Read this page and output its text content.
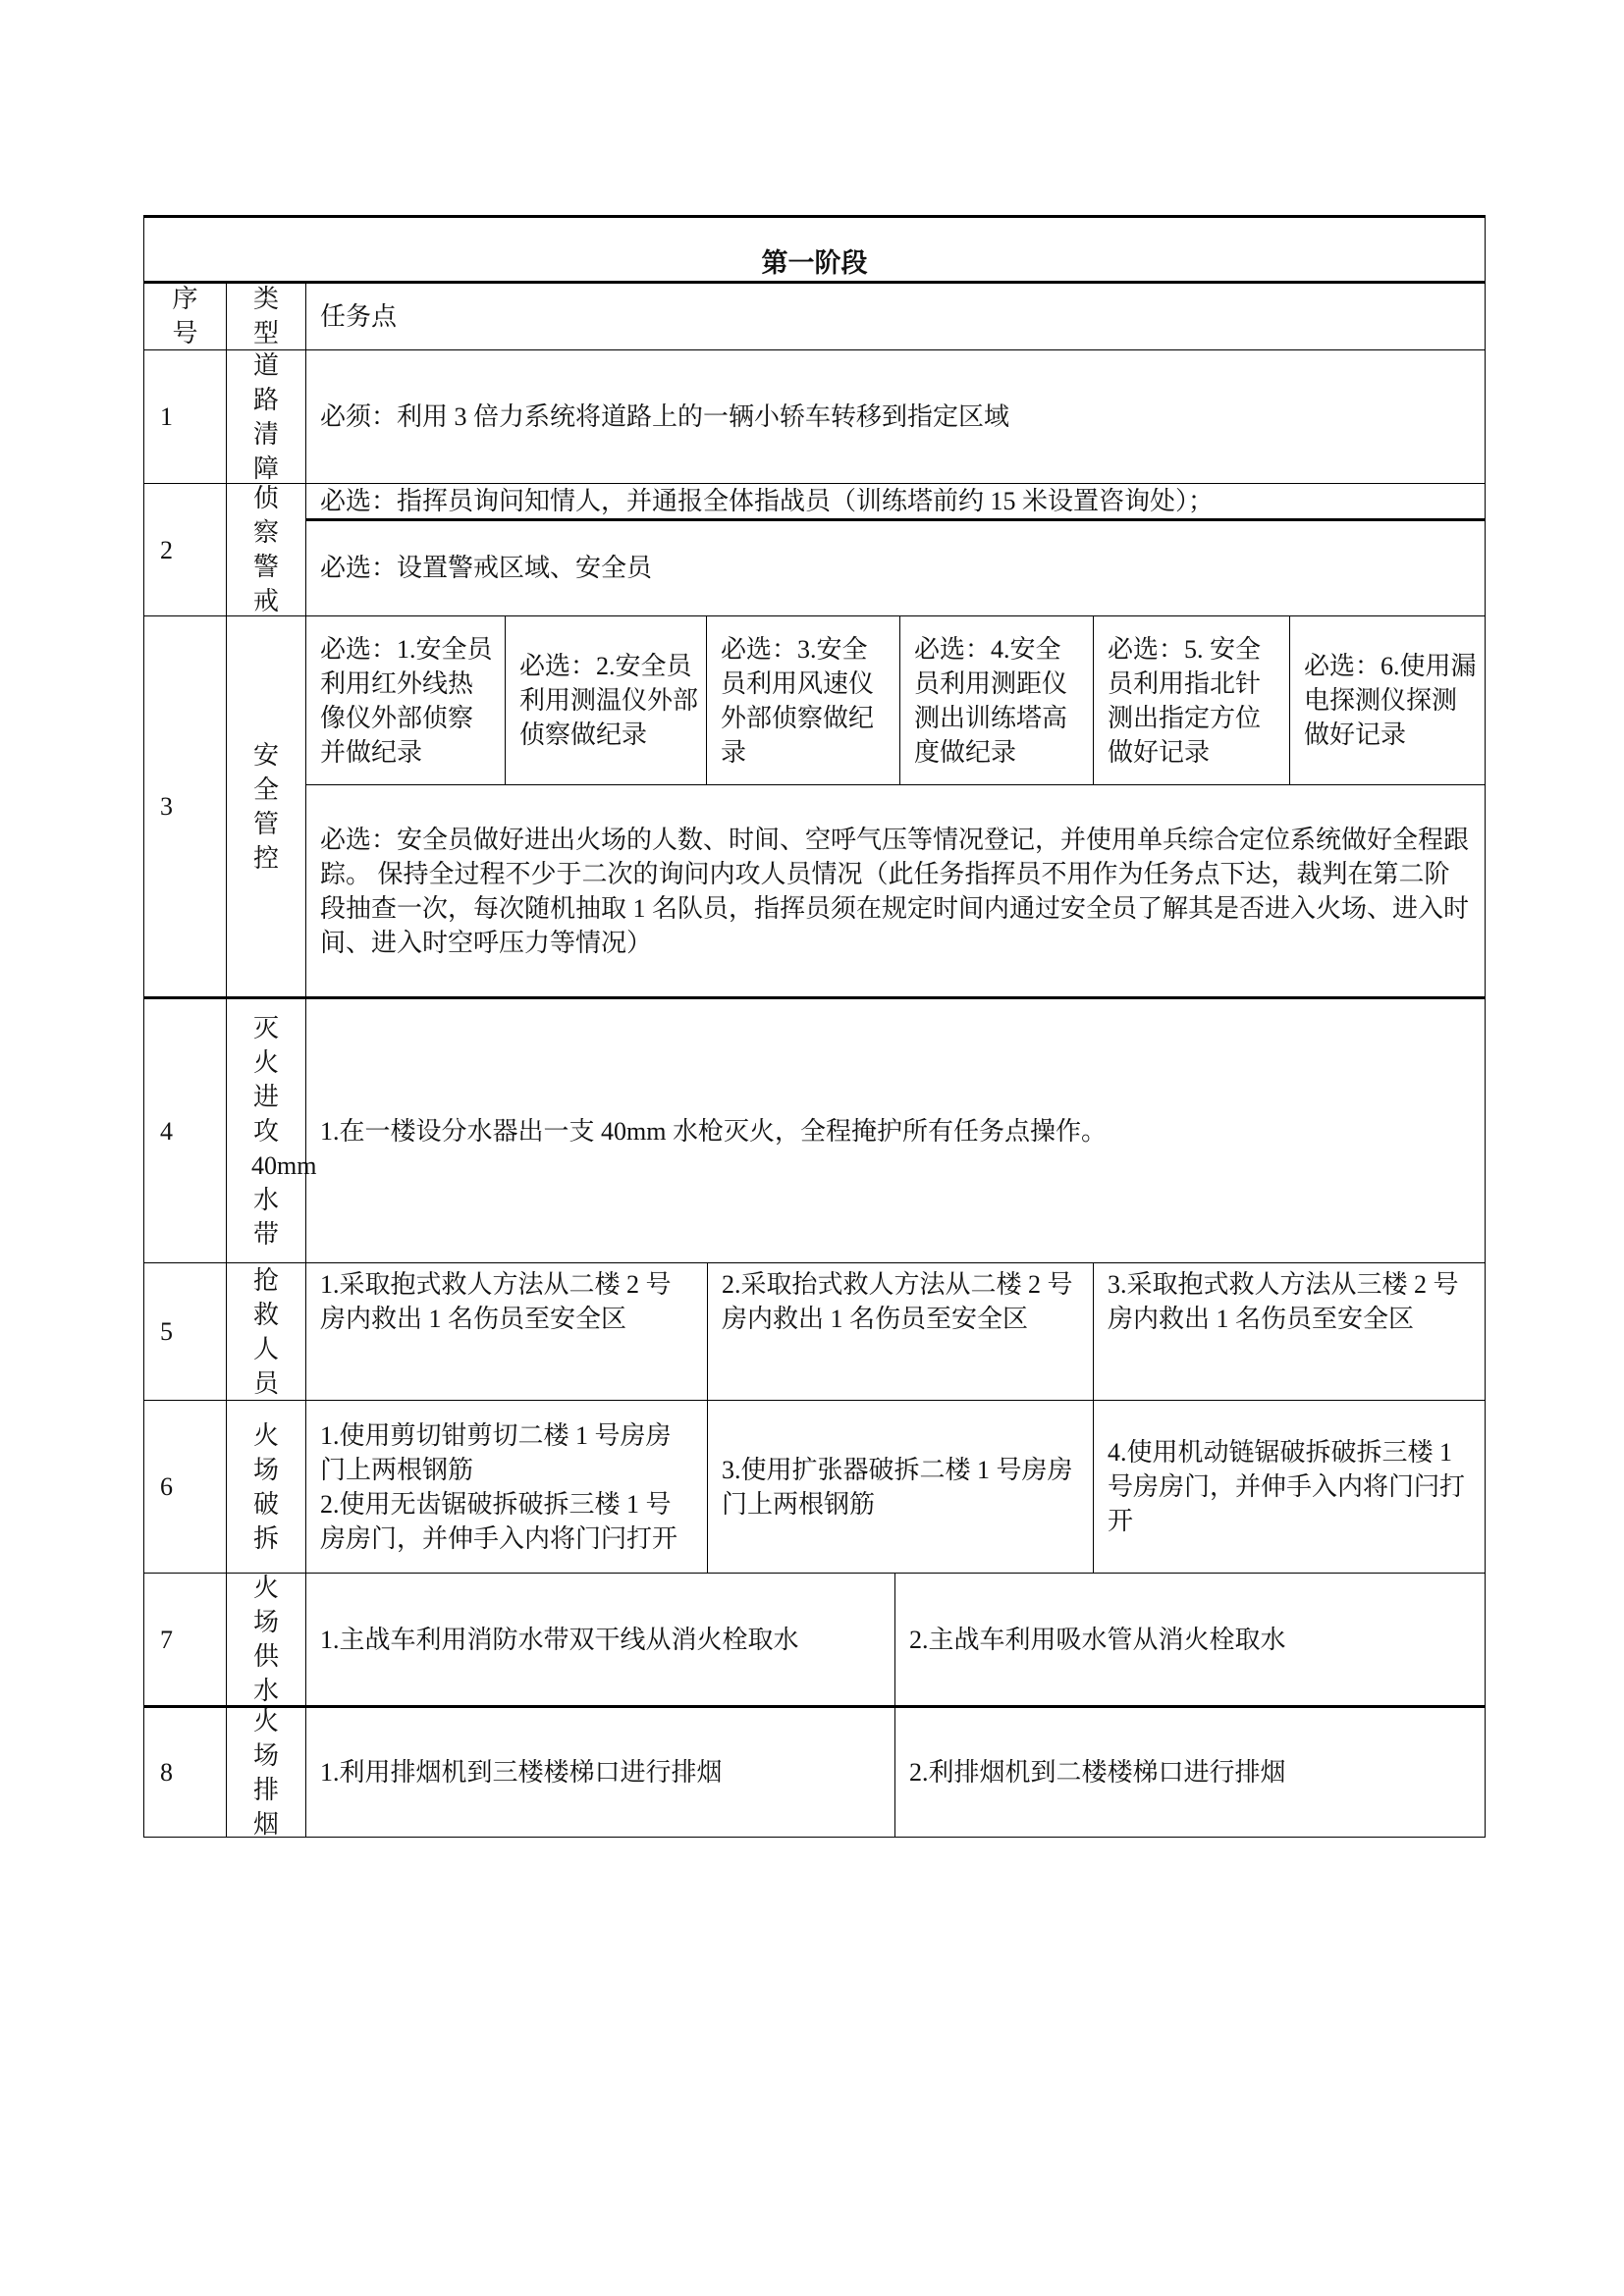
第一阶段
序号
类型
任务点
1
道路清障
必须：利用 3 倍力系统将道路上的一辆小轿车转移到指定区域
2
侦察警戒
必选：指挥员询问知情人，并通报全体指战员（训练塔前约 15 米设置咨询处）；
必选：设置警戒区域、安全员
3
安全管控
必选：1.安全员利用红外线热像仪外部侦察并做纪录
必选：2.安全员利用测温仪外部侦察做纪录
必选：3.安全员利用风速仪外部侦察做纪录
必选：4.安全员利用测距仪测出训练塔高度做纪录
必选：5. 安全员利用指北针测出指定方位做好记录
必选：6.使用漏电探测仪探测做好记录
必选：安全员做好进出火场的人数、时间、空呼气压等情况登记，并使用单兵综合定位系统做好全程跟踪。 保持全过程不少于二次的询问内攻人员情况（此任务指挥员不用作为任务点下达，裁判在第二阶段抽查一次，每次随机抽取 1 名队员，指挥员须在规定时间内通过安全员了解其是否进入火场、进入时间、进入时空呼压力等情况）
4
灭火进攻40mm水带
1.在一楼设分水器出一支 40mm 水枪灭火，全程掩护所有任务点操作。
5
抢救人员
1.采取抱式救人方法从二楼 2 号房内救出 1 名伤员至安全区
2.采取抬式救人方法从二楼 2 号房内救出 1 名伤员至安全区
3.采取抱式救人方法从三楼 2 号房内救出 1 名伤员至安全区
6
火场破拆
1.使用剪切钳剪切二楼 1 号房房门上两根钢筋
2.使用无齿锯破拆破拆三楼 1 号房房门，并伸手入内将门闩打开
3.使用扩张器破拆二楼 1 号房房门上两根钢筋
4.使用机动链锯破拆破拆三楼 1 号房房门，并伸手入内将门闩打开
7
火场供水
1.主战车利用消防水带双干线从消火栓取水	2.主战车利用吸水管从消火栓取水
8
火场排烟
1.利用排烟机到三楼楼梯口进行排烟	2.利排烟机到二楼楼梯口进行排烟
